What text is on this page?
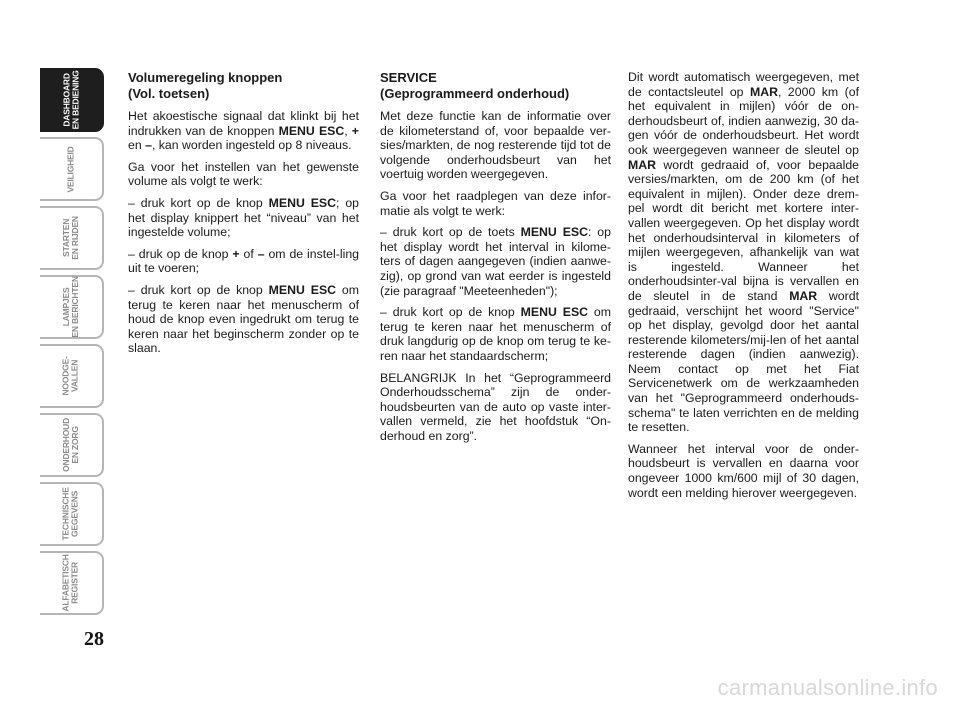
DASHBOARD
EN BEDIENING
VEILIGHEID
STARTEN
EN RIJDEN
LAMPJES
EN BERICHTEN
NOODGE-
VALLEN
ONDERHOUD
EN ZORG
TECHNISCHE
GEGEVENS
ALFABETISCH
REGISTER
28
Volumeregeling knoppen
(Vol. toetsen)

Het akoestische signaal dat klinkt bij het indrukken van de knoppen MENU ESC, + en –, kan worden ingesteld op 8 niveaus.

Ga voor het instellen van het gewenste volume als volgt te werk:

– druk kort op de knop MENU ESC; op het display knippert het “niveau” van het ingestelde volume;

– druk op de knop + of – om de instel-ling uit te voeren;

– druk kort op de knop MENU ESC om terug te keren naar het menuscherm of houd de knop even ingedrukt om terug te keren naar het beginscherm zonder op te slaan.

SERVICE
(Geprogrammeerd onderhoud)

Met deze functie kan de informatie over de kilometerstand of, voor bepaalde ver-sies/markten, de nog resterende tijd tot de volgende onderhoudsbeurt van het voertuig worden weergegeven.

Ga voor het raadplegen van deze infor-matie als volgt te werk:

– druk kort op de toets MENU ESC: op het display wordt het interval in kilome-ters of dagen aangegeven (indien aanwe-zig), op grond van wat eerder is ingesteld (zie paragraaf "Meeteenheden");

– druk kort op de knop MENU ESC om terug te keren naar het menuscherm of druk langdurig op de knop om terug te ke-ren naar het standaardscherm;

BELANGRIJK In het “Geprogrammeerd Onderhoudsschema” zijn de onder-houdsbeurten van de auto op vaste inter-vallen vermeld, zie het hoofdstuk “On-derhoud en zorg”.

Dit wordt automatisch weergegeven, met de contactsleutel op MAR, 2000 km (of het equivalent in mijlen) vóór de on-derhoudsbeurt of, indien aanwezig, 30 da-gen vóór de onderhoudsbeurt. Het wordt ook weergegeven wanneer de sleutel op MAR wordt gedraaid of, voor bepaalde versies/markten, om de 200 km (of het equivalent in mijlen). Onder deze drem-pel wordt dit bericht met kortere inter-vallen weergegeven. Op het display wordt het onderhoudsinterval in kilometers of mijlen weergegeven, afhankelijk van wat is ingesteld. Wanneer het onderhoudsinter-val bijna is vervallen en de sleutel in de stand MAR wordt gedraaid, verschijnt het woord "Service" op het display, gevolgd door het aantal resterende kilometers/mij-len of het aantal resterende dagen (indien aanwezig). Neem contact op met het Fiat Servicenetwerk om de werkzaamheden van het "Geprogrammeerd onderhouds-schema" te laten verrichten en de melding te resetten.

Wanneer het interval voor de onder-houdsbeurt is vervallen en daarna voor ongeveer 1000 km/600 mijl of 30 dagen, wordt een melding hierover weergegeven.

carmanualsonline.info
